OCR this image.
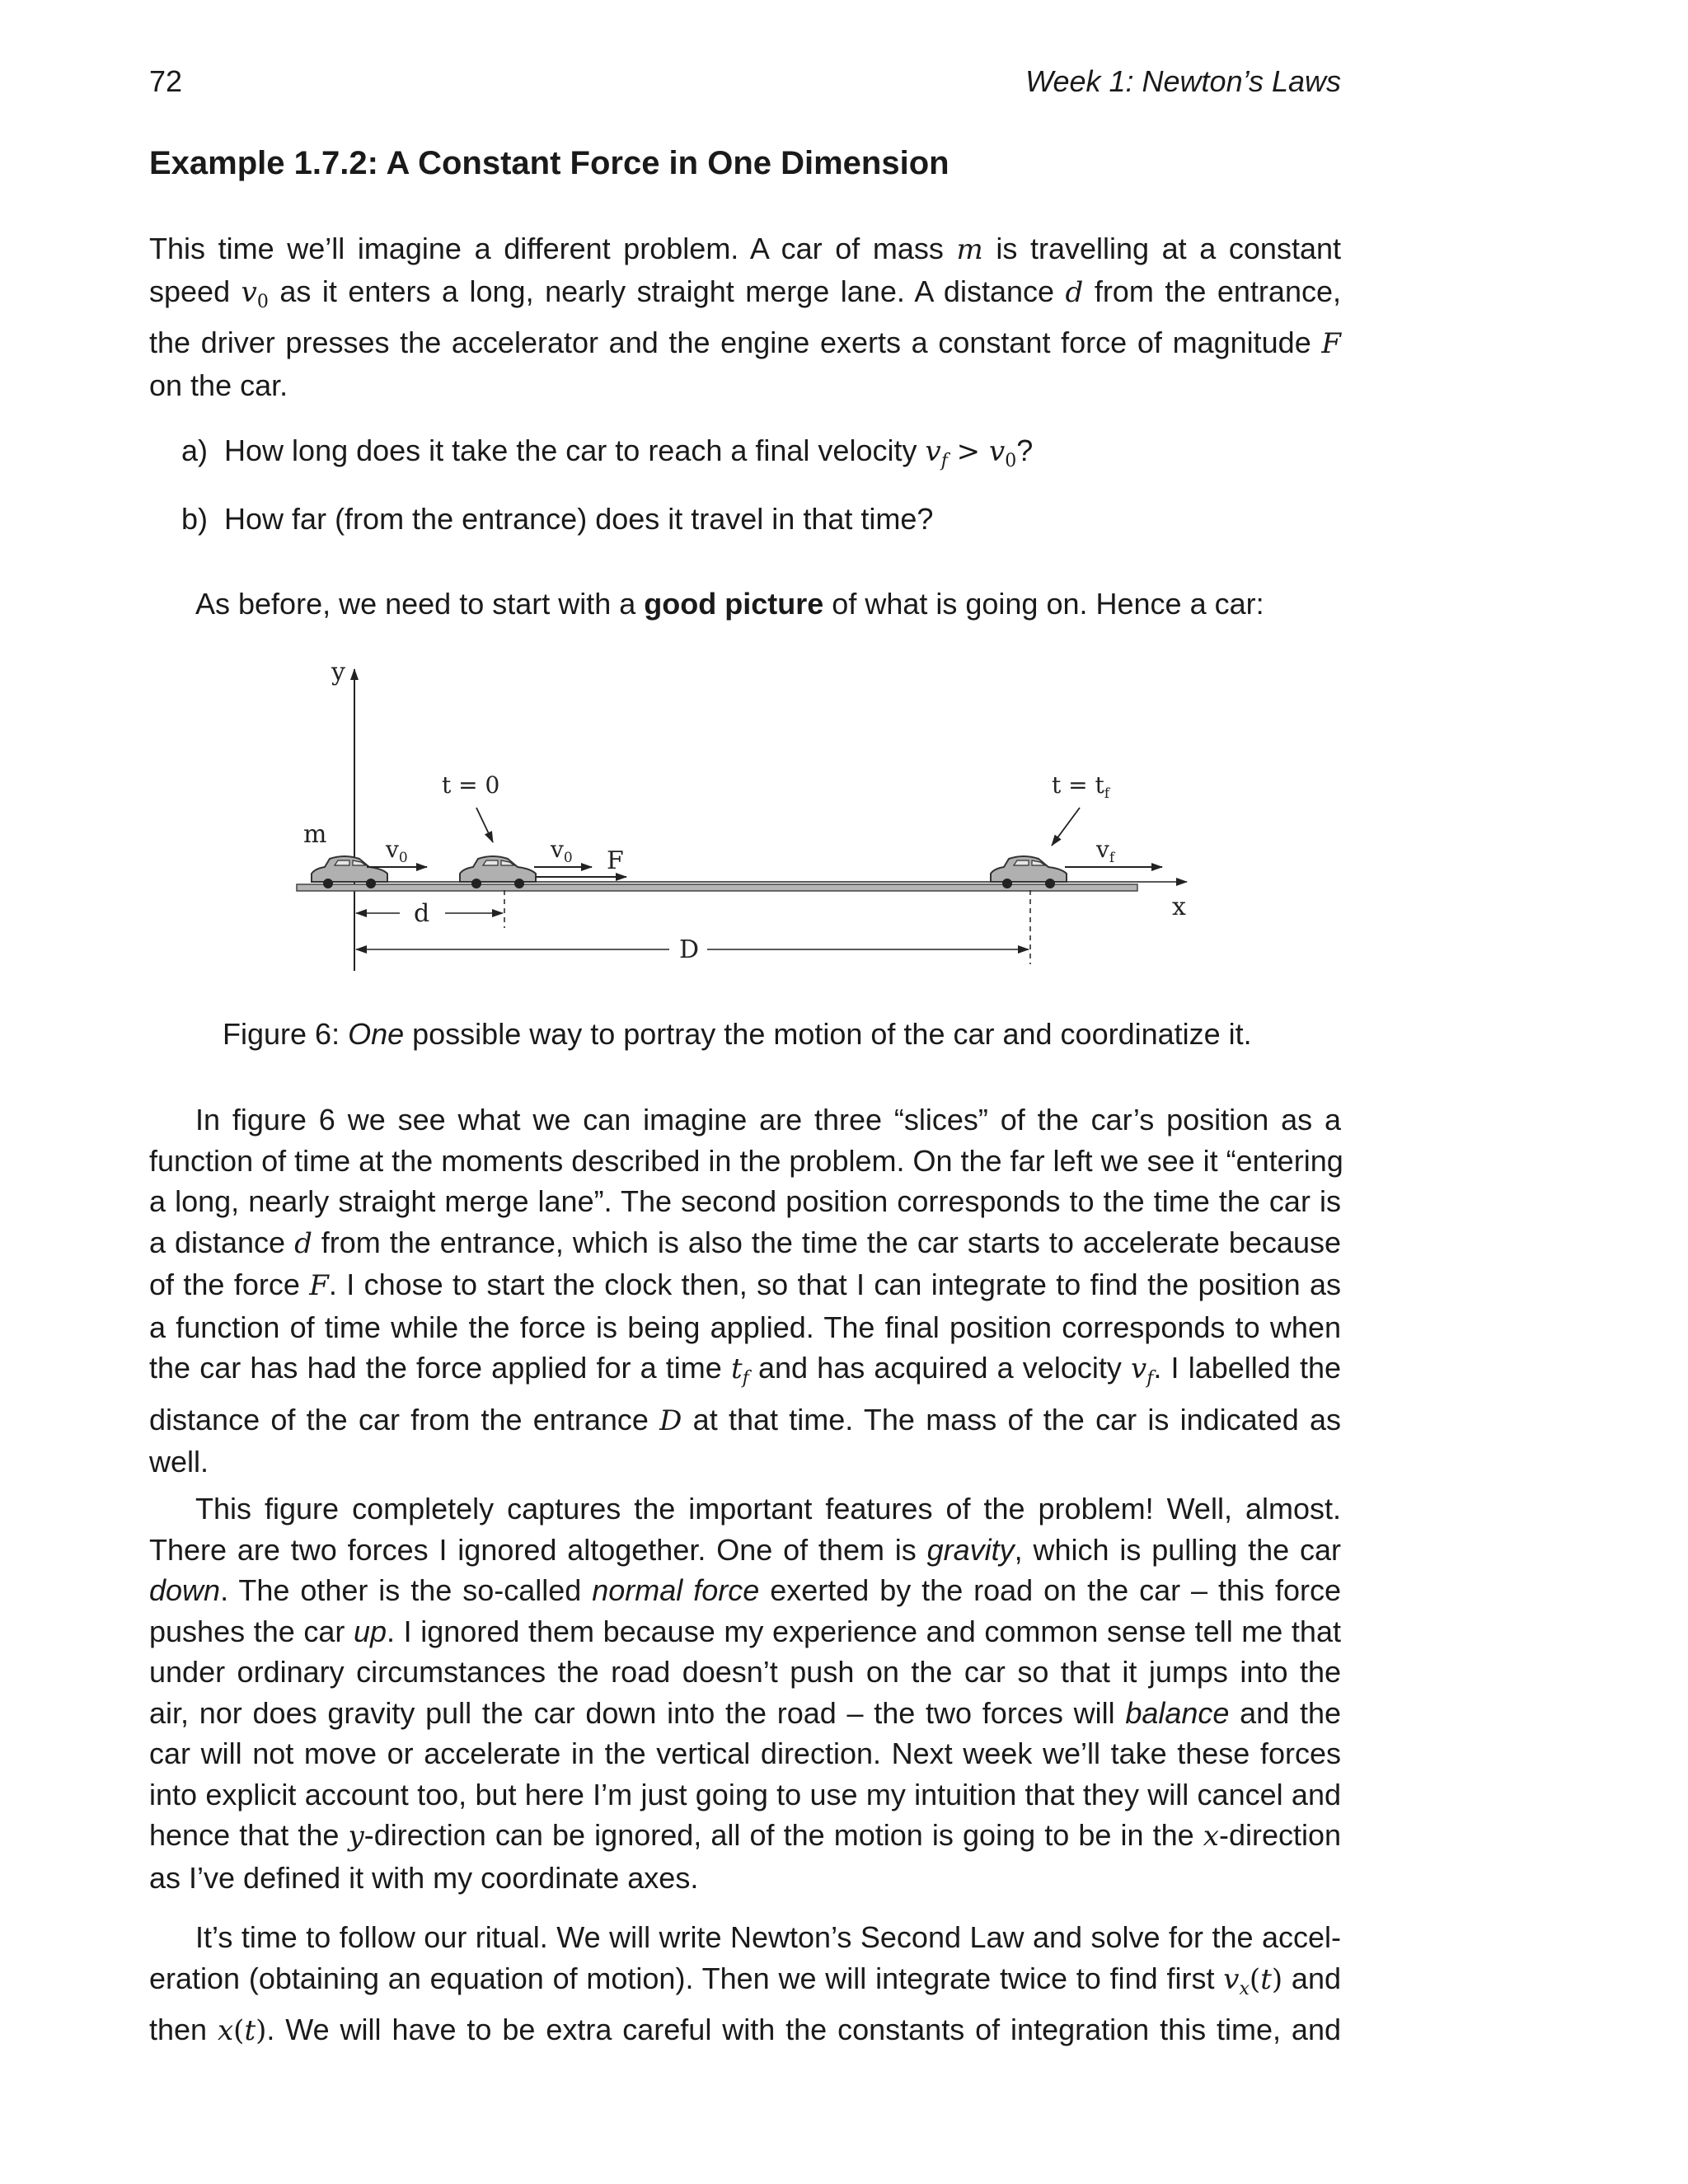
72	Week 1: Newton’s Laws
Example 1.7.2: A Constant Force in One Dimension
This time we’ll imagine a different problem. A car of mass m is travelling at a constant
speed $v_0$ as it enters a long, nearly straight merge lane. A distance d from the entrance,
the driver presses the accelerator and the engine exerts a constant force of magnitude F
on the car.

a) How long does it take the car to reach a final velocity $v_f > v_0$?

b) How far (from the entrance) does it travel in that time?

As before, we need to start with a good picture of what is going on. Hence a car:

y
x
m
$v_0$	$v_0$ F	$v_f$
t = 0	$t = t_f$
d
D

Figure 6: One possible way to portray the motion of the car and coordinatize it.

In figure 6 we see what we can imagine are three “slices” of the car’s position as a
function of time at the moments described in the problem. On the far left we see it “entering
a long, nearly straight merge lane”. The second position corresponds to the time the car is
a distance d from the entrance, which is also the time the car starts to accelerate because
of the force F. I chose to start the clock then, so that I can integrate to find the position as
a function of time while the force is being applied. The final position corresponds to when
the car has had the force applied for a time $t_f$ and has acquired a velocity $v_f$. I labelled the
distance of the car from the entrance D at that time. The mass of the car is indicated as
well.
This figure completely captures the important features of the problem! Well, almost.
There are two forces I ignored altogether. One of them is gravity, which is pulling the car
down. The other is the so-called normal force exerted by the road on the car – this force
pushes the car up. I ignored them because my experience and common sense tell me that
under ordinary circumstances the road doesn’t push on the car so that it jumps into the
air, nor does gravity pull the car down into the road – the two forces will balance and the
car will not move or accelerate in the vertical direction. Next week we’ll take these forces
into explicit account too, but here I’m just going to use my intuition that they will cancel and
hence that the y-direction can be ignored, all of the motion is going to be in the x-direction
as I’ve defined it with my coordinate axes.
It’s time to follow our ritual. We will write Newton’s Second Law and solve for the accel-
eration (obtaining an equation of motion). Then we will integrate twice to find first $v_x(t)$ and
then x(t). We will have to be extra careful with the constants of integration this time, and
